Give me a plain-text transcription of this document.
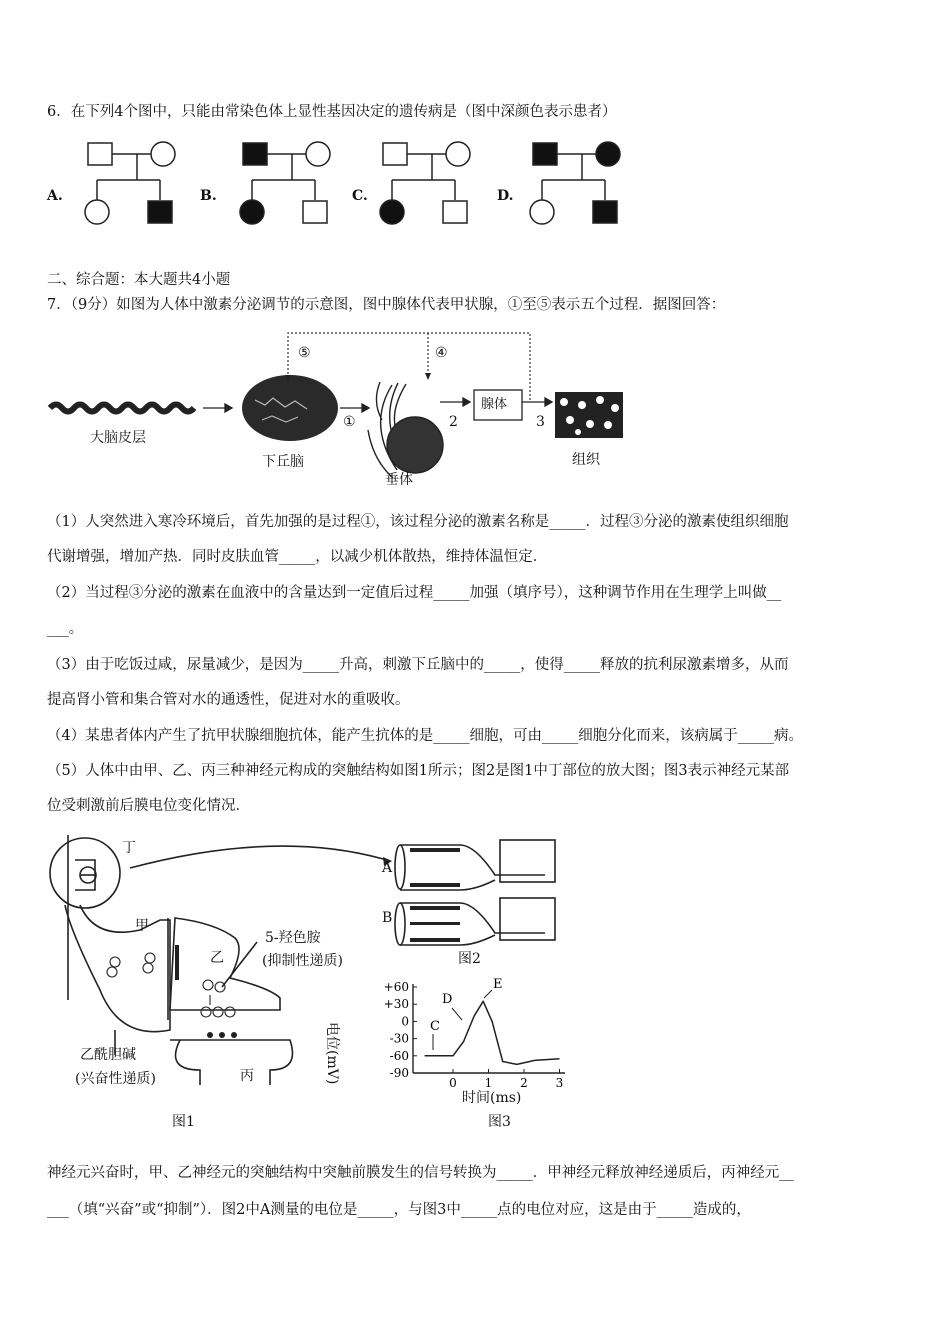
6．在下列4个图中，只能由常染色体上显性基因决定的遗传病是（图中深颜色表示患者）
A.	B.	C.	D.
二、综合题：本大题共4小题
7．（9分）如图为人体中激素分泌调节的示意图，图中腺体代表甲状腺，①至⑤表示五个过程．据图回答：
大脑皮层
下丘脑
垂体
腺体
组织
①	2	3
④
⑤
（1）人突然进入寒冷环境后，首先加强的是过程①，该过程分泌的激素名称是_____．过程③分泌的激素使组织细胞
代谢增强，增加产热．同时皮肤血管_____，以减少机体散热，维持体温恒定．
（2）当过程③分泌的激素在血液中的含量达到一定值后过程_____加强（填序号），这种调节作用在生理学上叫做__
___。
（3）由于吃饭过咸，尿量减少，是因为_____升高，刺激下丘脑中的_____，使得_____释放的抗利尿激素增多，从而
提高肾小管和集合管对水的通透性，促进对水的重吸收。
（4）某患者体内产生了抗甲状腺细胞抗体，能产生抗体的是_____细胞，可由_____细胞分化而来，该病属于_____病。
（5）人体中由甲、乙、丙三种神经元构成的突触结构如图1所示；图2是图1中丁部位的放大图；图3表示神经元某部
位受刺激前后膜电位变化情况．
+60
+30
0
-30
-60
-90
0 1 2 3
C
D
E
丁
甲
乙
丙
5-羟色胺
(抑制性递质)
乙酰胆碱
(兴奋性递质)
图1
图2
图3
A
B
时间(ms)
电位(mV)
神经元兴奋时，甲、乙神经元的突触结构中突触前膜发生的信号转换为_____．甲神经元释放神经递质后，丙神经元__
___（填“兴奋”或“抑制”）．图2中A测量的电位是_____，与图3中_____点的电位对应，这是由于_____造成的，
